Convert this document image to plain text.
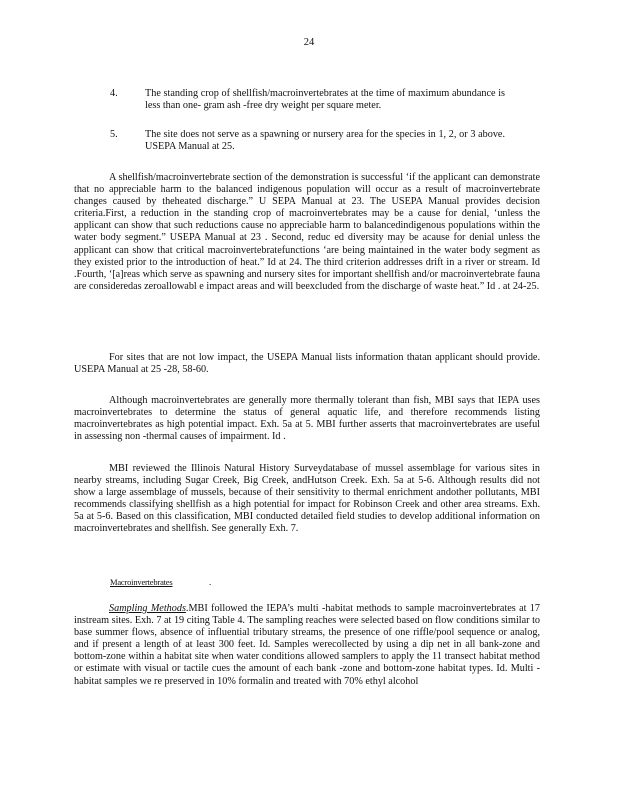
24
4.	The standing crop of shellfish/macroinvertebrates at the time of maximum abundance is less than one- gram ash -free dry weight per square meter.
5.	The site does not serve as a spawning or nursery area for the species in 1, 2, or 3 above. USEPA Manual at 25.

A shellfish/macroinvertebrate section of the demonstration is successful ‘if the applicant can demonstrate that no appreciable harm to the balanced indigenous population will occur as a result of macroinvertebrate changes caused by theheated discharge.” U SEPA Manual at 23. The USEPA Manual provides decision criteria.First, a reduction in the standing crop of macroinvertebrates may be a cause for denial, ‘unless the applicant can show that such reductions cause no appreciable harm to balancedindigenous populations within the water body segment.” USEPA Manual at 23 . Second, reduc ed diversity may be acause for denial unless the applicant can show that critical macroinvertebratefunctions ‘are being maintained in the water body segment as they existed prior to the introduction of heat.” Id at 24. The third criterion addresses drift in a river or stream. Id .Fourth, ‘[a]reas which serve as spawning and nursery sites for important shellfish and/or macroinvertebrate fauna are consideredas zeroallowabl e impact areas and will beexcluded from the discharge of waste heat.” Id . at 24-25.

For sites that are not low impact, the USEPA Manual lists information thatan applicant should provide. USEPA Manual at 25 -28, 58-60.

Although macroinvertebrates are generally more thermally tolerant than fish, MBI says that IEPA uses macroinvertebrates to determine the status of general aquatic life, and therefore recommends listing macroinvertebrates as high potential impact. Exh. 5a at 5. MBI further asserts that macroinvertebrates are useful in assessing non -thermal causes of impairment. Id .

MBI reviewed the Illinois Natural History Surveydatabase of mussel assemblage for various sites in nearby streams, including Sugar Creek, Big Creek, andHutson Creek. Exh. 5a at 5-6. Although results did not show a large assemblage of mussels, because of their sensitivity to thermal enrichment andother pollutants, MBI recommends classifying shellfish as a high potential for impact for Robinson Creek and other area streams. Exh. 5a at 5-6. Based on this classification, MBI conducted detailed field studies to develop additional information on macroinvertebrates and shellfish. See generally Exh. 7.

Macroinvertebrates	.

Sampling Methods.MBI followed the IEPA’s multi -habitat methods to sample macroinvertebrates at 17 instream sites. Exh. 7 at 19 citing Table 4. The sampling reaches were selected based on flow conditions similar to base summer flows, absence of influential tributary streams, the presence of one riffle/pool sequence or analog, and if present a length of at least 300 feet. Id. Samples werecollected by using a dip net in all bank-zone and bottom-zone within a habitat site when water conditions allowed samplers to apply the 11 transect habitat method or estimate with visual or tactile cues the amount of each bank -zone and bottom-zone habitat types. Id. Multi - habitat samples we re preserved in 10% formalin and treated with 70% ethyl alcohol
